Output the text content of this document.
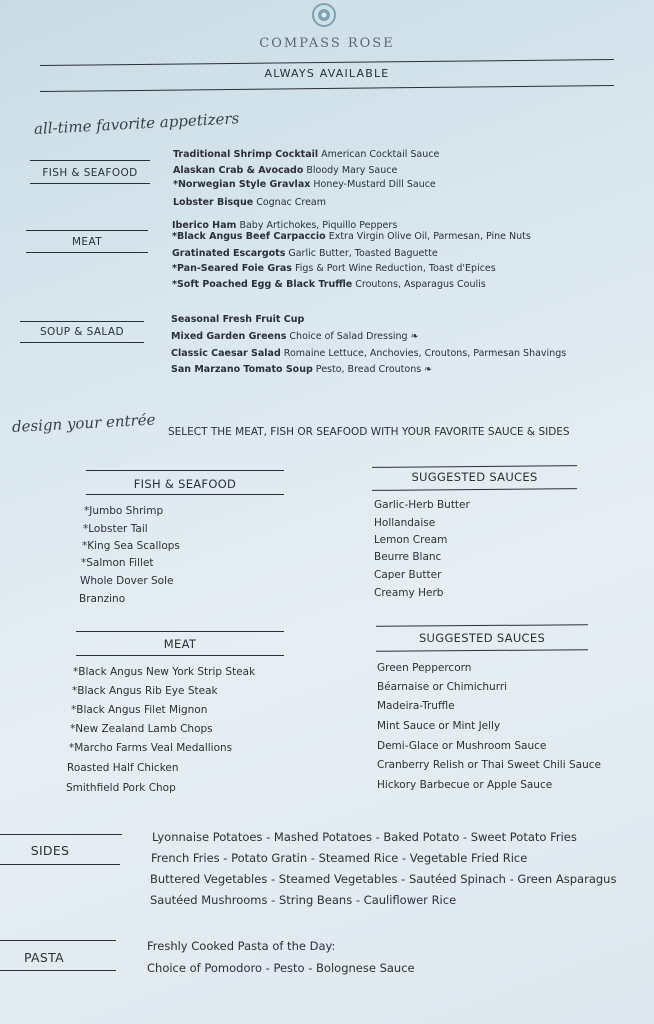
COMPASS ROSE
ALWAYS AVAILABLE
all-time favorite appetizers
FISH & SEAFOOD
Traditional Shrimp Cocktail American Cocktail Sauce
Alaskan Crab & Avocado Bloody Mary Sauce
*Norwegian Style Gravlax Honey-Mustard Dill Sauce
Lobster Bisque Cognac Cream
MEAT
Iberico Ham Baby Artichokes, Piquillo Peppers
*Black Angus Beef Carpaccio Extra Virgin Olive Oil, Parmesan, Pine Nuts
Gratinated Escargots Garlic Butter, Toasted Baguette
*Pan-Seared Foie Gras Figs & Port Wine Reduction, Toast d'Epices
*Soft Poached Egg & Black Truffle Croutons, Asparagus Coulis
SOUP & SALAD
Seasonal Fresh Fruit Cup
Mixed Garden Greens Choice of Salad Dressing ❧
Classic Caesar Salad Romaine Lettuce, Anchovies, Croutons, Parmesan Shavings
San Marzano Tomato Soup Pesto, Bread Croutons ❧
design your entrée SELECT THE MEAT, FISH OR SEAFOOD WITH YOUR FAVORITE SAUCE & SIDES
FISH & SEAFOOD
*Jumbo Shrimp
*Lobster Tail
*King Sea Scallops
*Salmon Fillet
Whole Dover Sole
Branzino
SUGGESTED SAUCES
Garlic-Herb Butter
Hollandaise
Lemon Cream
Beurre Blanc
Caper Butter
Creamy Herb
MEAT
*Black Angus New York Strip Steak
*Black Angus Rib Eye Steak
*Black Angus Filet Mignon
*New Zealand Lamb Chops
*Marcho Farms Veal Medallions
Roasted Half Chicken
Smithfield Pork Chop
SUGGESTED SAUCES
Green Peppercorn
Béarnaise or Chimichurri
Madeira-Truffle
Mint Sauce or Mint Jelly
Demi-Glace or Mushroom Sauce
Cranberry Relish or Thai Sweet Chili Sauce
Hickory Barbecue or Apple Sauce
SIDES
Lyonnaise Potatoes - Mashed Potatoes - Baked Potato - Sweet Potato Fries
French Fries - Potato Gratin - Steamed Rice - Vegetable Fried Rice
Buttered Vegetables - Steamed Vegetables - Sautéed Spinach - Green Asparagus
Sautéed Mushrooms - String Beans - Cauliflower Rice
PASTA
Freshly Cooked Pasta of the Day:
Choice of Pomodoro - Pesto - Bolognese Sauce
